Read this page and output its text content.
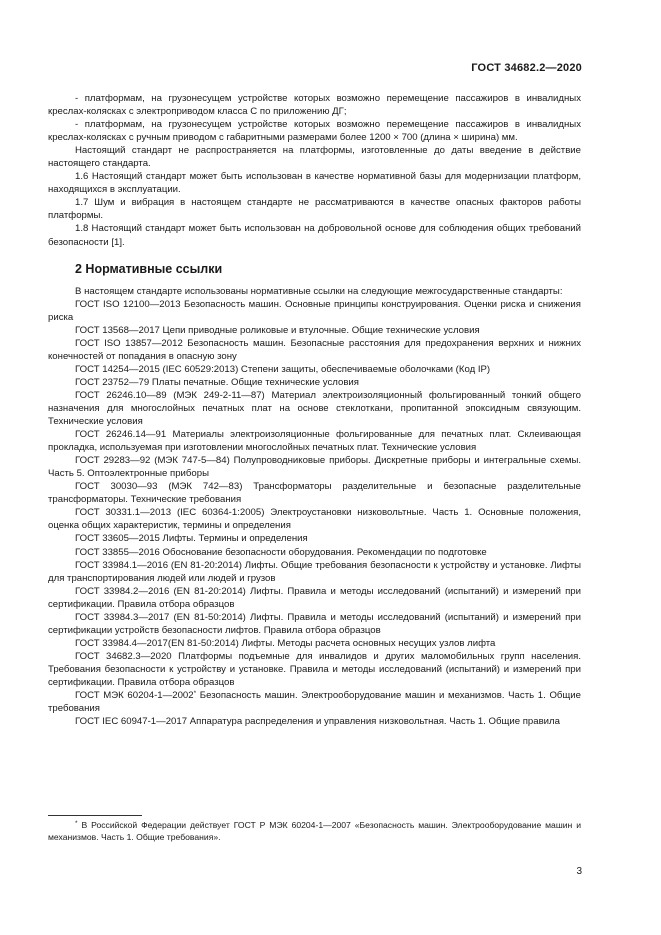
ГОСТ 34682.2—2020

- платформам, на грузонесущем устройстве которых возможно перемещение пассажиров в инвалидных креслах-колясках с электроприводом класса С по приложению ДГ;

- платформам, на грузонесущем устройстве которых возможно перемещение пассажиров в инвалидных креслах-колясках с ручным приводом с габаритными размерами более 1200 × 700 (длина × ширина) мм.

Настоящий стандарт не распространяется на платформы, изготовленные до даты введение в действие настоящего стандарта.

1.6 Настоящий стандарт может быть использован в качестве нормативной базы для модернизации платформ, находящихся в эксплуатации.

1.7 Шум и вибрация в настоящем стандарте не рассматриваются в качестве опасных факторов работы платформы.

1.8 Настоящий стандарт может быть использован на добровольной основе для соблюдения общих требований безопасности [1].

2 Нормативные ссылки

В настоящем стандарте использованы нормативные ссылки на следующие межгосударственные стандарты:

ГОСТ ISO 12100—2013 Безопасность машин. Основные принципы конструирования. Оценки риска и снижения риска

ГОСТ 13568—2017 Цепи приводные роликовые и втулочные. Общие технические условия

ГОСТ ISO 13857—2012 Безопасность машин. Безопасные расстояния для предохранения верхних и нижних конечностей от попадания в опасную зону

ГОСТ 14254—2015 (IEC 60529:2013) Степени защиты, обеспечиваемые оболочками (Код IP)

ГОСТ 23752—79 Платы печатные. Общие технические условия

ГОСТ 26246.10—89 (МЭК 249-2-11—87) Материал электроизоляционный фольгированный тонкий общего назначения для многослойных печатных плат на основе стеклоткани, пропитанной эпоксидным связующим. Технические условия

ГОСТ 26246.14—91 Материалы электроизоляционные фольгированные для печатных плат. Склеивающая прокладка, используемая при изготовлении многослойных печатных плат. Технические условия

ГОСТ 29283—92 (МЭК 747-5—84) Полупроводниковые приборы. Дискретные приборы и интегральные схемы. Часть 5. Оптоэлектронные приборы

ГОСТ 30030—93 (МЭК 742—83) Трансформаторы разделительные и безопасные разделительные трансформаторы. Технические требования

ГОСТ 30331.1—2013 (IEC 60364-1:2005) Электроустановки низковольтные. Часть 1. Основные положения, оценка общих характеристик, термины и определения

ГОСТ 33605—2015 Лифты. Термины и определения

ГОСТ 33855—2016 Обоснование безопасности оборудования. Рекомендации по подготовке

ГОСТ 33984.1—2016 (EN 81-20:2014) Лифты. Общие требования безопасности к устройству и установке. Лифты для транспортирования людей или людей и грузов

ГОСТ 33984.2—2016 (EN 81-20:2014) Лифты. Правила и методы исследований (испытаний) и измерений при сертификации. Правила отбора образцов

ГОСТ 33984.3—2017 (EN 81-50:2014) Лифты. Правила и методы исследований (испытаний) и измерений при сертификации устройств безопасности лифтов. Правила отбора образцов

ГОСТ 33984.4—2017(EN 81-50:2014) Лифты. Методы расчета основных несущих узлов лифта

ГОСТ 34682.3—2020 Платформы подъемные для инвалидов и других маломобильных групп населения. Требования безопасности к устройству и установке. Правила и методы исследований (испытаний) и измерений при сертификации. Правила отбора образцов

ГОСТ МЭК 60204-1—2002* Безопасность машин. Электрооборудование машин и механизмов. Часть 1. Общие требования

ГОСТ IEC 60947-1—2017 Аппаратура распределения и управления низковольтная. Часть 1. Общие правила

* В Российской Федерации действует ГОСТ Р МЭК 60204-1—2007 «Безопасность машин. Электрооборудование машин и механизмов. Часть 1. Общие требования».
3
